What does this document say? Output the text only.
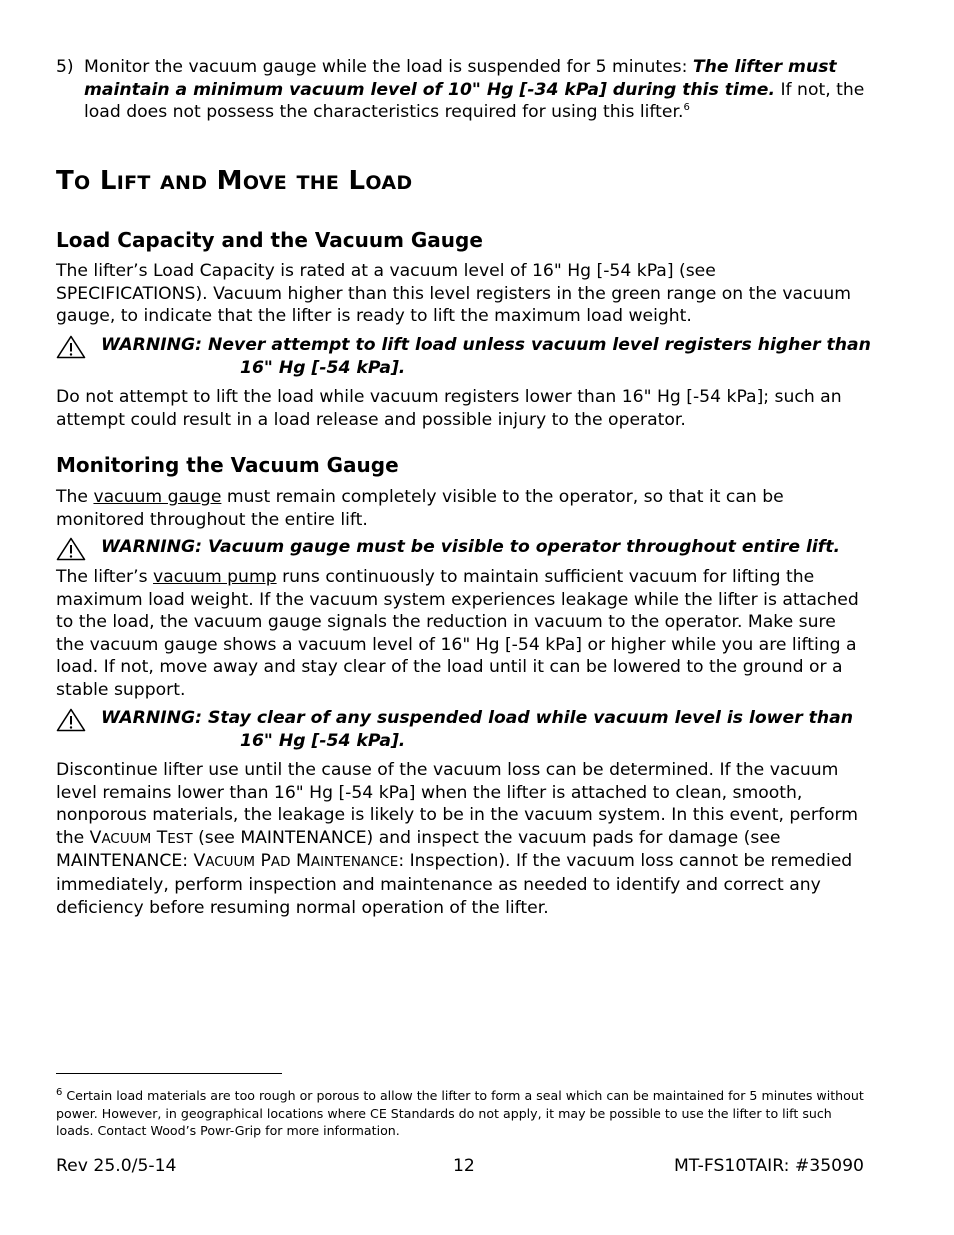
5) Monitor the vacuum gauge while the load is suspended for 5 minutes: The lifter must maintain a minimum vacuum level of 10" Hg [-34 kPa] during this time. If not, the load does not possess the characteristics required for using this lifter.$^6$

TO LIFT AND MOVE THE LOAD
Load Capacity and the Vacuum Gauge

The lifter’s Load Capacity is rated at a vacuum level of 16" Hg [-54 kPa] (see SPECIFICATIONS). Vacuum higher than this level registers in the green range on the vacuum gauge, to indicate that the lifter is ready to lift the maximum load weight.

WARNING: Never attempt to lift load unless vacuum level registers higher than
16" Hg [-54 kPa].

Do not attempt to lift the load while vacuum registers lower than 16" Hg [-54 kPa]; such an attempt could result in a load release and possible injury to the operator.

Monitoring the Vacuum Gauge

The vacuum gauge must remain completely visible to the operator, so that it can be monitored throughout the entire lift.

WARNING: Vacuum gauge must be visible to operator throughout entire lift.

The lifter’s vacuum pump runs continuously to maintain sufficient vacuum for lifting the maximum load weight. If the vacuum system experiences leakage while the lifter is attached to the load, the vacuum gauge signals the reduction in vacuum to the operator. Make sure the vacuum gauge shows a vacuum level of 16" Hg [-54 kPa] or higher while you are lifting a load. If not, move away and stay clear of the load until it can be lowered to the ground or a stable support.

WARNING: Stay clear of any suspended load while vacuum level is lower than
16" Hg [-54 kPa].

Discontinue lifter use until the cause of the vacuum loss can be determined. If the vacuum level remains lower than 16" Hg [-54 kPa] when the lifter is attached to clean, smooth, nonporous materials, the leakage is likely to be in the vacuum system. In this event, perform the VACUUM TEST (see MAINTENANCE) and inspect the vacuum pads for damage (see MAINTENANCE: VACUUM PAD MAINTENANCE: Inspection). If the vacuum loss cannot be remedied immediately, perform inspection and maintenance as needed to identify and correct any deficiency before resuming normal operation of the lifter.

$^6$ Certain load materials are too rough or porous to allow the lifter to form a seal which can be maintained for 5 minutes without power. However, in geographical locations where CE Standards do not apply, it may be possible to use the lifter to lift such loads. Contact Wood’s Powr-Grip for more information.

Rev 25.0/5-14	12	MT-FS10TAIR: #35090
